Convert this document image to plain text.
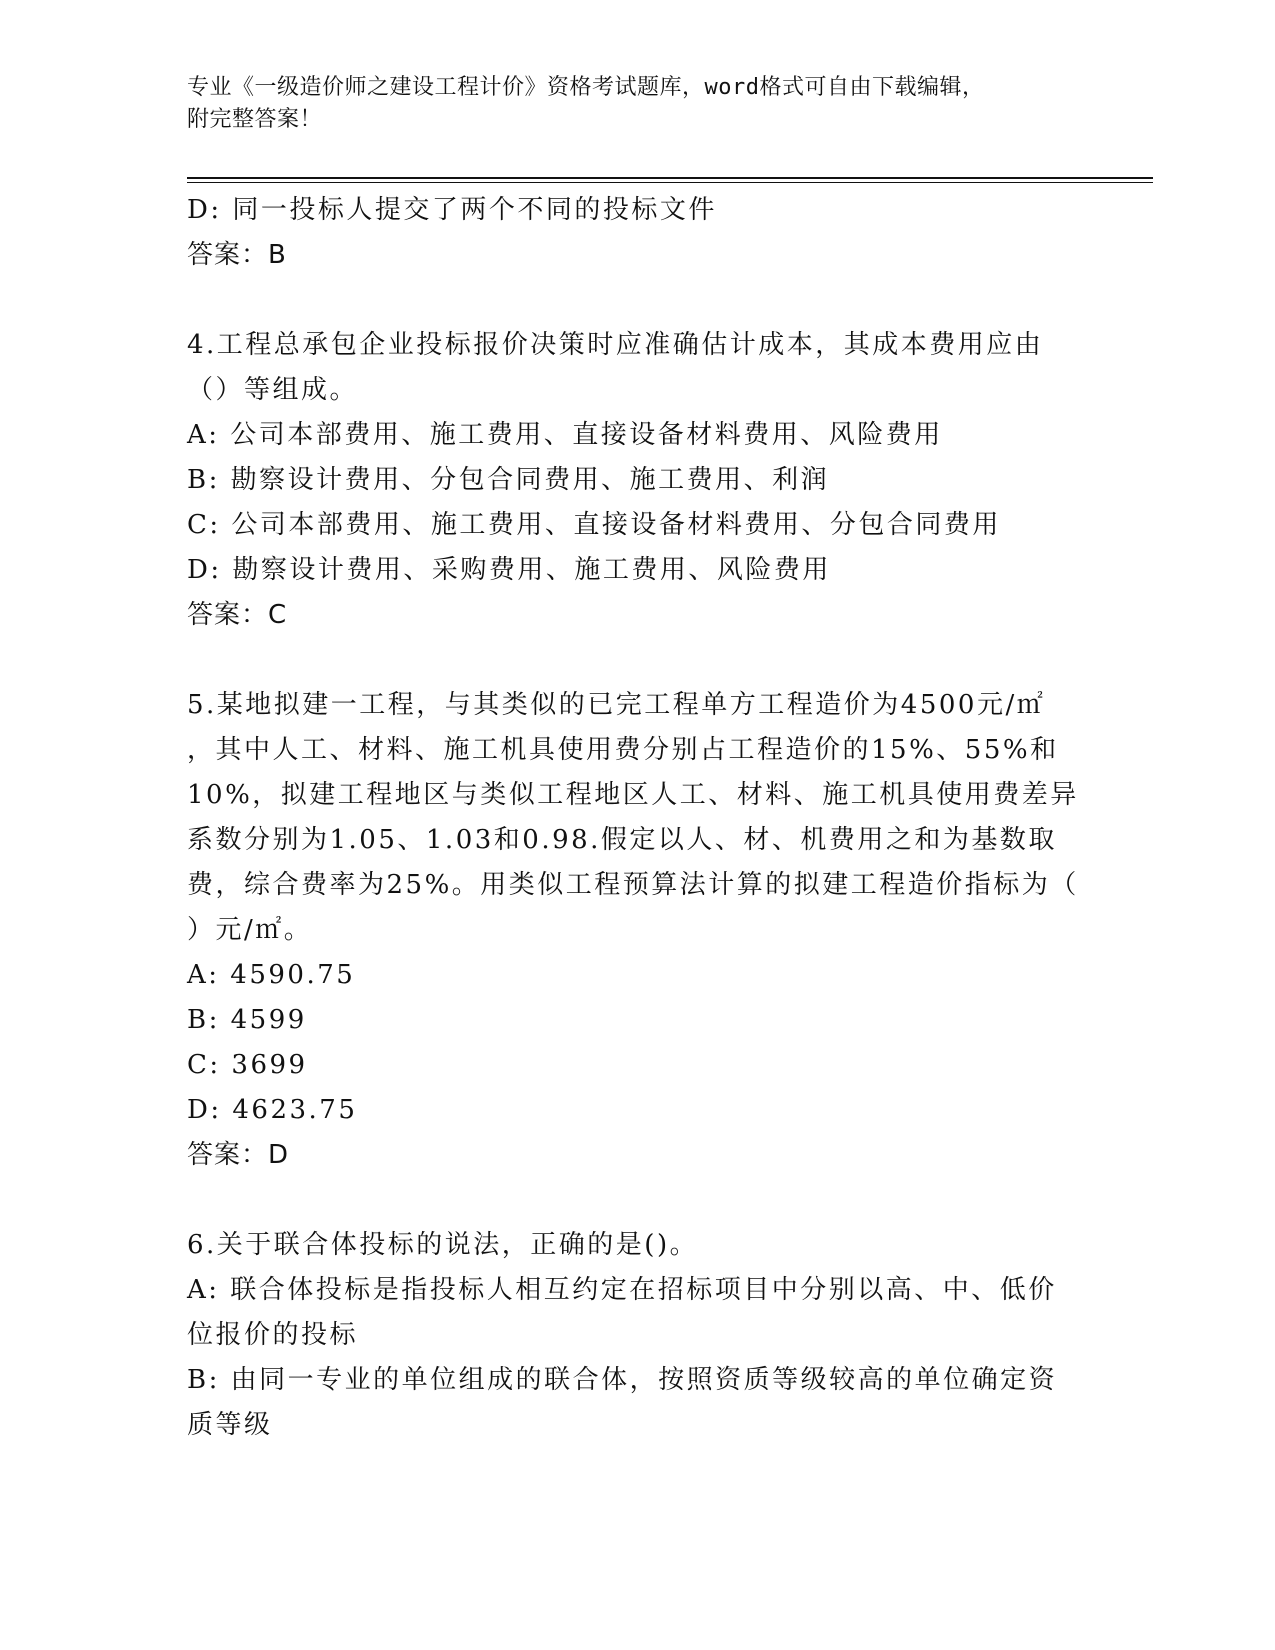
专业《一级造价师之建设工程计价》资格考试题库，word格式可自由下载编辑，
附完整答案！
D: 同一投标人提交了两个不同的投标文件
答案：B
4.工程总承包企业投标报价决策时应准确估计成本，其成本费用应由
（）等组成。
A: 公司本部费用、施工费用、直接设备材料费用、风险费用
B: 勘察设计费用、分包合同费用、施工费用、利润
C: 公司本部费用、施工费用、直接设备材料费用、分包合同费用
D: 勘察设计费用、采购费用、施工费用、风险费用
答案：C
5.某地拟建一工程，与其类似的已完工程单方工程造价为4500元/㎡
，其中人工、材料、施工机具使用费分别占工程造价的15%、55%和
10%，拟建工程地区与类似工程地区人工、材料、施工机具使用费差异
系数分别为1.05、1.03和0.98.假定以人、材、机费用之和为基数取
费，综合费率为25%。用类似工程预算法计算的拟建工程造价指标为（
）元/㎡。
A: 4590.75
B: 4599
C: 3699
D: 4623.75
答案：D
6.关于联合体投标的说法，正确的是()。
A: 联合体投标是指投标人相互约定在招标项目中分别以高、中、低价
位报价的投标
B: 由同一专业的单位组成的联合体，按照资质等级较高的单位确定资
质等级
